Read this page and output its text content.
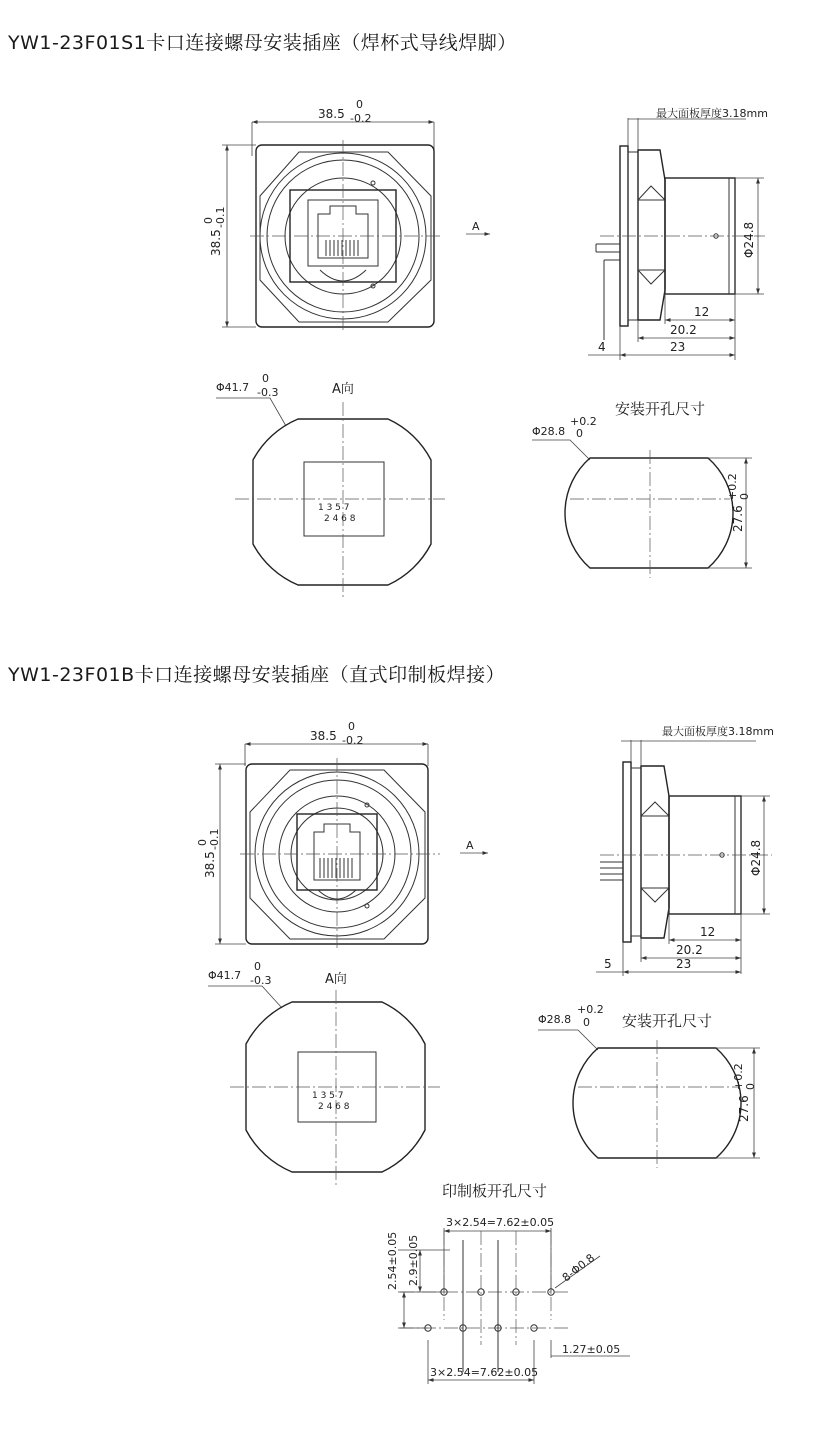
YW1-23F01S1卡口连接螺母安装插座（焊杯式导线焊脚）
YW1-23F01B卡口连接螺母安装插座（直式印制板焊接）
38.5
0
-0.2
38.5
0 -0.1	A
最大面板厚度3.18mm
Φ24.8
12
20.2
23
4
Φ41.7
0
-0.3	A向
1 3 5 7
2 4 6 8
安装开孔尺寸
Φ28.8
+0.2
0
27.6
+0.2 0
38.5
0
-0.2
38.5
0 -0.1	A
最大面板厚度3.18mm
Φ24.8
12
20.2
23
5
Φ41.7
0
-0.3	A向
1 3 5 7
2 4 6 8
安装开孔尺寸
Φ28.8
+0.2
0
27.6
+0.2 0
印制板开孔尺寸
3×2.54=7.62±0.05
2.54±0.05 2.9±0.05	8-Φ0.8
1.27±0.05
3×2.54=7.62±0.05
